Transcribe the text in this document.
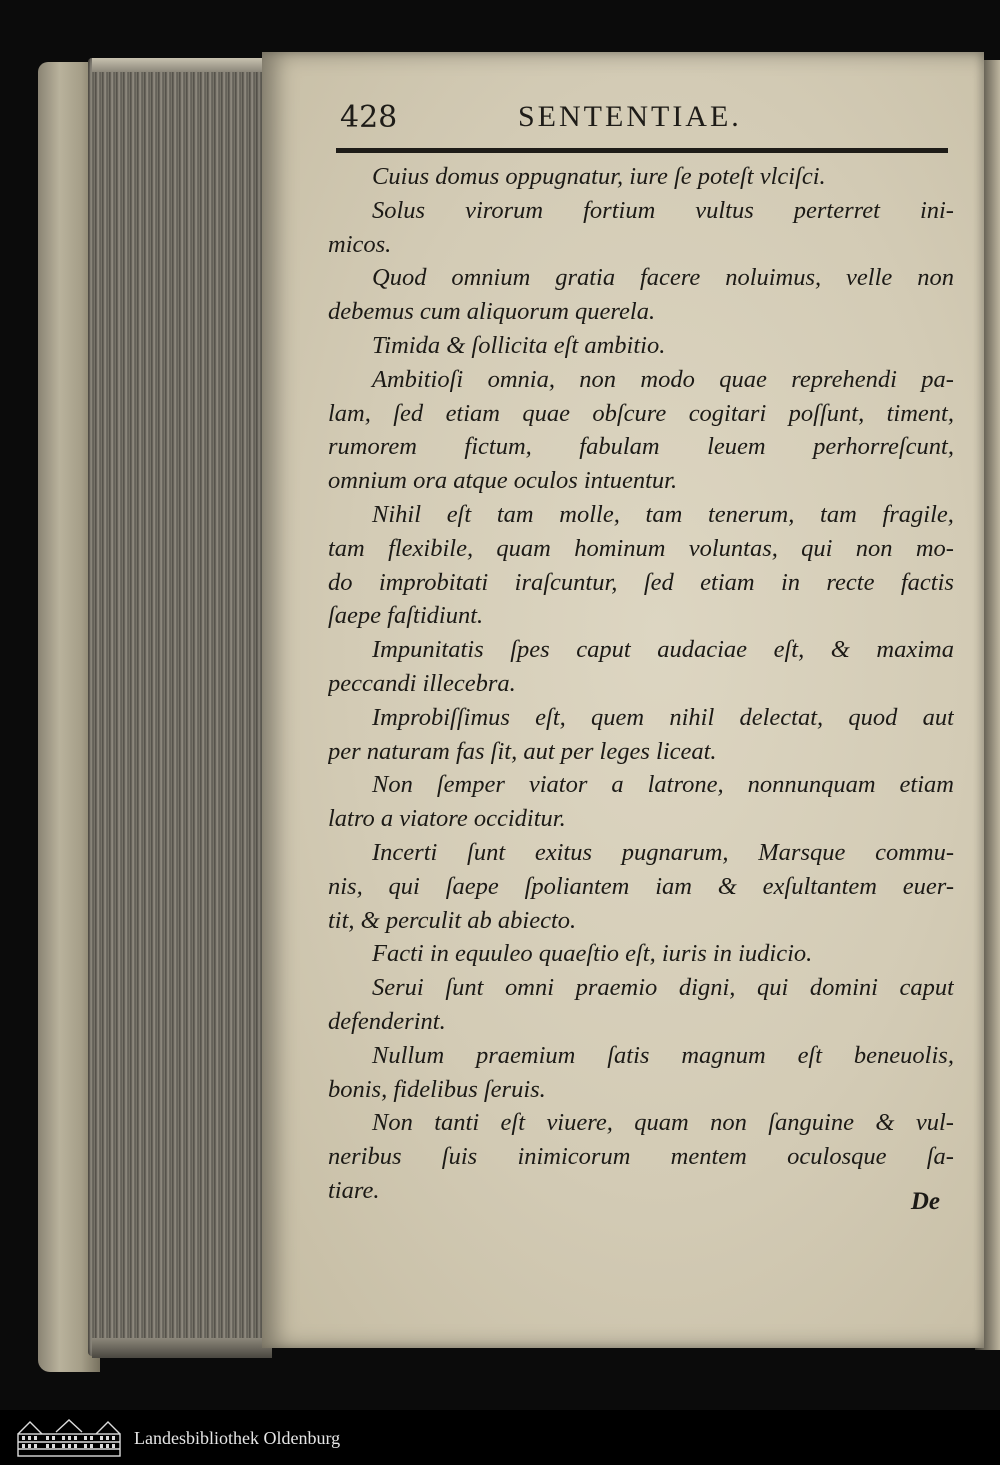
428	SENTENTIAE.
Cuius domus oppugnatur, iure ſe poteſt vlciſci.
Solus virorum fortium vultus perterret ini-
micos.
Quod omnium gratia facere noluimus, velle non
debemus cum aliquorum querela.
Timida & ſollicita eſt ambitio.
Ambitioſi omnia, non modo quae reprehendi pa-
lam, ſed etiam quae obſcure cogitari poſſunt, timent,
rumorem fictum, fabulam leuem perhorreſcunt,
omnium ora atque oculos intuentur.
Nihil eſt tam molle, tam tenerum, tam fragile,
tam flexibile, quam hominum voluntas, qui non mo-
do improbitati iraſcuntur, ſed etiam in recte factis
ſaepe faſtidiunt.
Impunitatis ſpes caput audaciae eſt, & maxima
peccandi illecebra.
Improbiſſimus eſt, quem nihil delectat, quod aut
per naturam fas ſit, aut per leges liceat.
Non ſemper viator a latrone, nonnunquam etiam
latro a viatore occiditur.
Incerti ſunt exitus pugnarum, Marsque commu-
nis, qui ſaepe ſpoliantem iam & exſultantem euer-
tit, & perculit ab abiecto.
Facti in equuleo quaeſtio eſt, iuris in iudicio.
Serui ſunt omni praemio digni, qui domini caput
defenderint.
Nullum praemium ſatis magnum eſt beneuolis,
bonis, fidelibus ſeruis.
Non tanti eſt viuere, quam non ſanguine & vul-
neribus ſuis inimicorum mentem oculosque ſa-
tiare.	De
Landesbibliothek Oldenburg
